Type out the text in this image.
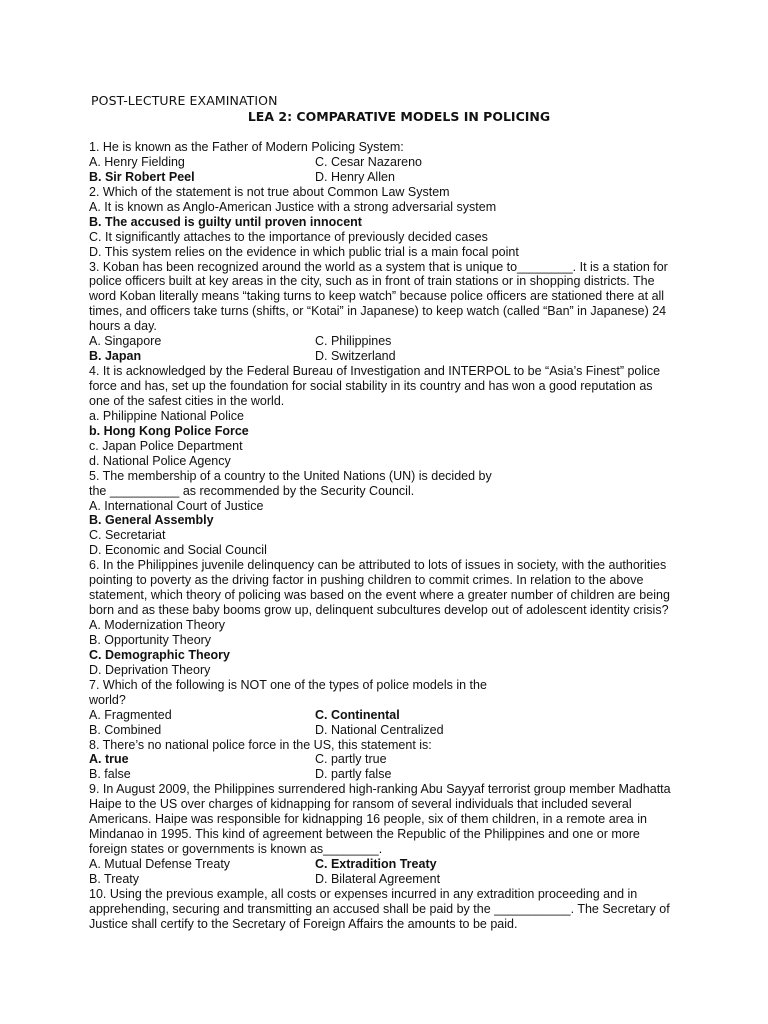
POST-LECTURE EXAMINATION
LEA 2: COMPARATIVE MODELS IN POLICING
1. He is known as the Father of Modern Policing System:
A. Henry Fielding	C. Cesar Nazareno
B. Sir Robert Peel	D. Henry Allen
2. Which of the statement is not true about Common Law System
A. It is known as Anglo-American Justice with a strong adversarial system
B. The accused is guilty until proven innocent
C. It significantly attaches to the importance of previously decided cases
D. This system relies on the evidence in which public trial is a main focal point
3. Koban has been recognized around the world as a system that is unique to________. It is a station for
police officers built at key areas in the city, such as in front of train stations or in shopping districts. The
word Koban literally means “taking turns to keep watch” because police officers are stationed there at all
times, and officers take turns (shifts, or “Kotai” in Japanese) to keep watch (called “Ban” in Japanese) 24
hours a day.
A. Singapore	C. Philippines
B. Japan	D. Switzerland
4. It is acknowledged by the Federal Bureau of Investigation and INTERPOL to be “Asia’s Finest” police
force and has, set up the foundation for social stability in its country and has won a good reputation as
one of the safest cities in the world.
a. Philippine National Police
b. Hong Kong Police Force
c. Japan Police Department
d. National Police Agency
5. The membership of a country to the United Nations (UN) is decided by
the __________ as recommended by the Security Council.
A. International Court of Justice
B. General Assembly
C. Secretariat
D. Economic and Social Council
6. In the Philippines juvenile delinquency can be attributed to lots of issues in society, with the authorities
pointing to poverty as the driving factor in pushing children to commit crimes. In relation to the above
statement, which theory of policing was based on the event where a greater number of children are being
born and as these baby booms grow up, delinquent subcultures develop out of adolescent identity crisis?
A. Modernization Theory
B. Opportunity Theory
C. Demographic Theory
D. Deprivation Theory
7. Which of the following is NOT one of the types of police models in the
world?
A. Fragmented	C. Continental
B. Combined	D. National Centralized
8. There’s no national police force in the US, this statement is:
A. true	C. partly true
B. false	D. partly false
9. In August 2009, the Philippines surrendered high-ranking Abu Sayyaf terrorist group member Madhatta
Haipe to the US over charges of kidnapping for ransom of several individuals that included several
Americans. Haipe was responsible for kidnapping 16 people, six of them children, in a remote area in
Mindanao in 1995. This kind of agreement between the Republic of the Philippines and one or more
foreign states or governments is known as________.
A. Mutual Defense Treaty	C. Extradition Treaty
B. Treaty	D. Bilateral Agreement
10. Using the previous example, all costs or expenses incurred in any extradition proceeding and in
apprehending, securing and transmitting an accused shall be paid by the ___________. The Secretary of
Justice shall certify to the Secretary of Foreign Affairs the amounts to be paid.
